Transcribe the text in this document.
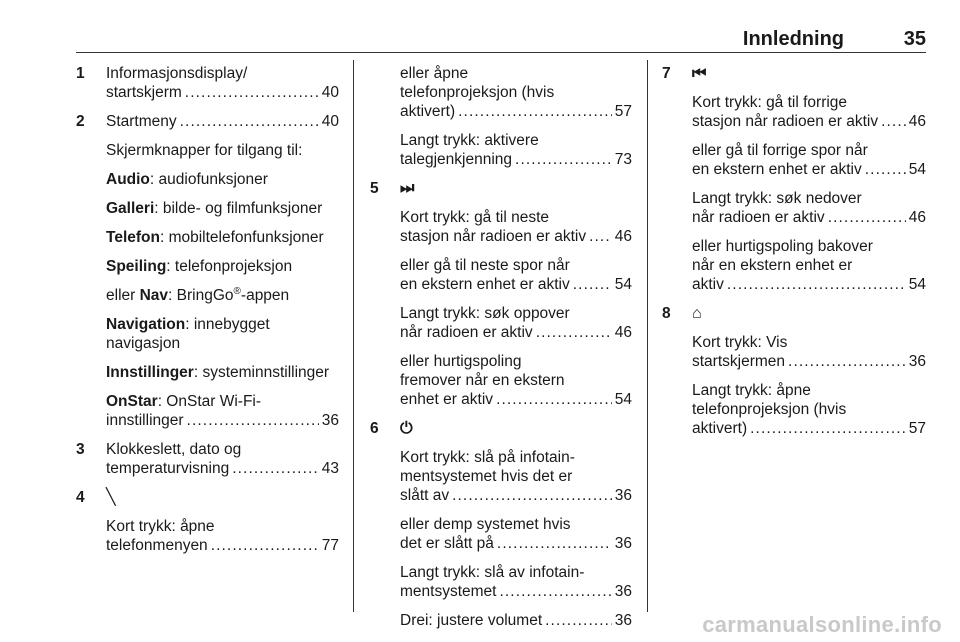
Innledning	35
1 Informasjonsdisplay/
startskjerm . . .	40
2 Startmeny . . .	40
Skjermknapper for tilgang til:
Audio: audiofunksjoner
Galleri: bilde- og filmfunksjoner
Telefon: mobiltelefonfunksjoner
Speiling: telefonprojeksjon
eller Nav: BringGo®-appen
Navigation: innebygget
navigasjon
Innstillinger: systeminnstillinger
OnStar: OnStar Wi-Fi-
innstillinger . . .	36
3 Klokkeslett, dato og
temperaturvisning . . .	43
4 ╲
Kort trykk: åpne
telefonmenyen . . .	77
eller åpne
telefonprojeksjon (hvis
aktivert) . . .	57
Langt trykk: aktivere
talegjenkjenning . . .	73
5 ⏭
Kort trykk: gå til neste
stasjon når radioen er aktiv . . . 46
eller gå til neste spor når
en ekstern enhet er aktiv . . .	54
Langt trykk: søk oppover
når radioen er aktiv . . .	46
eller hurtigspoling
fremover når en ekstern
enhet er aktiv . . .	54
6 ⏻
Kort trykk: slå på infotain-
mentsystemet hvis det er
slått av . . .	36
eller demp systemet hvis
det er slått på . . .	36
Langt trykk: slå av infotain-
mentsystemet . . .	36
Drei: justere volumet . . .	36
7 ⏮
Kort trykk: gå til forrige
stasjon når radioen er aktiv . . . 46
eller gå til forrige spor når
en ekstern enhet er aktiv . . .	54
Langt trykk: søk nedover
når radioen er aktiv . . .	46
eller hurtigspoling bakover
når en ekstern enhet er
aktiv . . .	54
8 ⌂
Kort trykk: Vis
startskjermen . . .	36
Langt trykk: åpne
telefonprojeksjon (hvis
aktivert) . . .	57
carmanualsonline.info
